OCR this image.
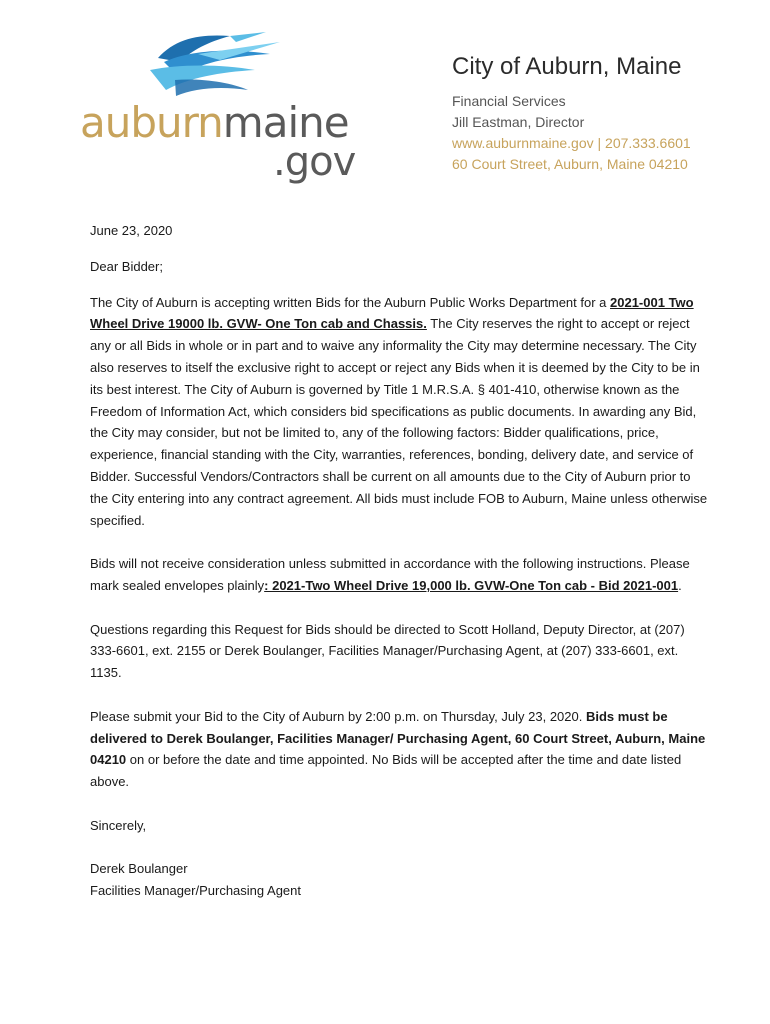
auburnmaine
.gov
City of Auburn, Maine
Financial Services
Jill Eastman, Director
www.auburnmaine.gov | 207.333.6601
60 Court Street, Auburn, Maine 04210

June 23, 2020

Dear Bidder;

The City of Auburn is accepting written Bids for the Auburn Public Works Department for a 2021-001 Two Wheel Drive 19000 lb. GVW- One Ton cab and Chassis. The City reserves the right to accept or reject any or all Bids in whole or in part and to waive any informality the City may determine necessary. The City also reserves to itself the exclusive right to accept or reject any Bids when it is deemed by the City to be in its best interest. The City of Auburn is governed by Title 1 M.R.S.A. § 401-410, otherwise known as the Freedom of Information Act, which considers bid specifications as public documents. In awarding any Bid, the City may consider, but not be limited to, any of the following factors: Bidder qualifications, price, experience, financial standing with the City, warranties, references, bonding, delivery date, and service of Bidder. Successful Vendors/Contractors shall be current on all amounts due to the City of Auburn prior to the City entering into any contract agreement. All bids must include FOB to Auburn, Maine unless otherwise specified.

Bids will not receive consideration unless submitted in accordance with the following instructions. Please mark sealed envelopes plainly: 2021-Two Wheel Drive 19,000 lb. GVW-One Ton cab - Bid 2021-001.

Questions regarding this Request for Bids should be directed to Scott Holland, Deputy Director, at (207) 333-6601, ext. 2155 or Derek Boulanger, Facilities Manager/Purchasing Agent, at (207) 333-6601, ext. 1135.

Please submit your Bid to the City of Auburn by 2:00 p.m. on Thursday, July 23, 2020. Bids must be delivered to Derek Boulanger, Facilities Manager/ Purchasing Agent, 60 Court Street, Auburn, Maine 04210 on or before the date and time appointed. No Bids will be accepted after the time and date listed above.

Sincerely,

Derek Boulanger

Facilities Manager/Purchasing Agent
